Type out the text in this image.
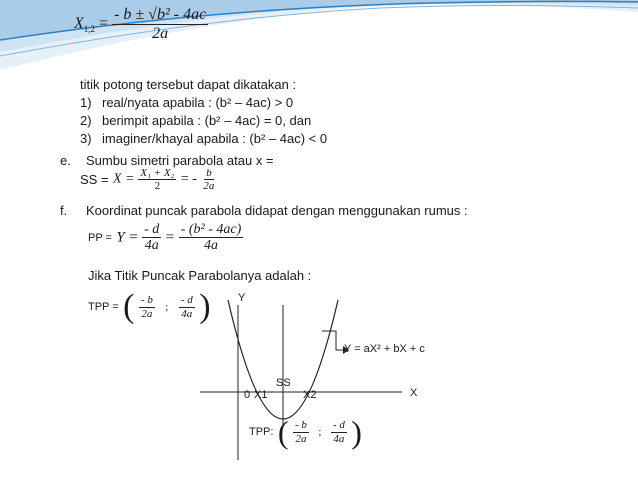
$X_{1,2} = \frac{\text{- b ± √b² - 4ac}}{2a}$
titik potong tersebut dapat dikatakan :
1) real/nyata apabila : (b² – 4ac) > 0
2) berimpit apabila : (b² – 4ac) = 0, dan
3) imaginer/khayal apabila : (b² – 4ac) < 0
e. Sumbu simetri parabola atau x =
SS = $X = \frac{\text{X₁ + X₂}}{2}$ = - $\frac{b}{2a}$
f. Koordinat puncak parabola didapat dengan menggunakan rumus :
PP = $Y = \frac{- d}{4a} = \frac{\text{- (b² - 4ac)}}{4a}$
Jika Titik Puncak Parabolanya adalah :
TPP = ( $\frac{- b}{2a}$ ; $\frac{- d}{4a}$ ) Y
X
0 X1	X2
SS
Y = aX² + bX + c
TPP: ( $\frac{- b}{2a}$ ; $\frac{- d}{4a}$ )
